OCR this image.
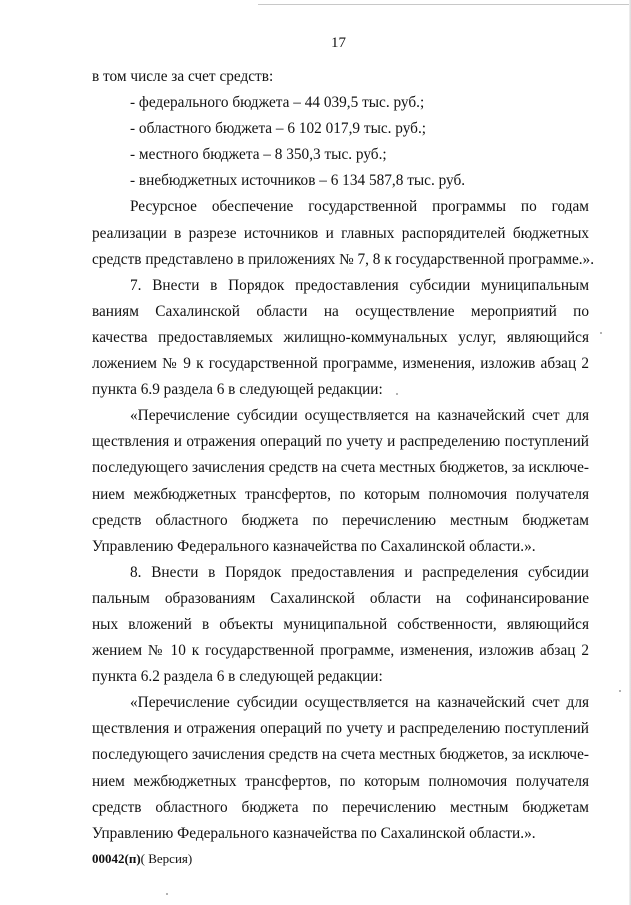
17
в том числе за счет средств:
- федерального бюджета – 44 039,5 тыс. руб.;
- областного бюджета – 6 102 017,9 тыс. руб.;
- местного бюджета – 8 350,3 тыс. руб.;
- внебюджетных источников – 6 134 587,8 тыс. руб.
Ресурсное обеспечение государственной программы по годам
реализации в разрезе источников и главных распорядителей бюджетных
средств представлено в приложениях № 7, 8 к государственной программе.».
7. Внести в Порядок предоставления субсидии муниципальным
ваниям Сахалинской области на осуществление мероприятий по
качества предоставляемых жилищно-коммунальных услуг, являющийся
ложением № 9 к государственной программе, изменения, изложив абзац 2
пункта 6.9 раздела 6 в следующей редакции:
«Перечисление субсидии осуществляется на казначейский счет для
ществления и отражения операций по учету и распределению поступлений
последующего зачисления средств на счета местных бюджетов, за исключе-
нием межбюджетных трансфертов, по которым полномочия получателя
средств областного бюджета по перечислению местным бюджетам
Управлению Федерального казначейства по Сахалинской области.».
8. Внести в Порядок предоставления и распределения субсидии
пальным образованиям Сахалинской области на софинансирование
ных вложений в объекты муниципальной собственности, являющийся
жением № 10 к государственной программе, изменения, изложив абзац 2
пункта 6.2 раздела 6 в следующей редакции:
«Перечисление субсидии осуществляется на казначейский счет для
ществления и отражения операций по учету и распределению поступлений
последующего зачисления средств на счета местных бюджетов, за исключе-
нием межбюджетных трансфертов, по которым полномочия получателя
средств областного бюджета по перечислению местным бюджетам
Управлению Федерального казначейства по Сахалинской области.».
00042(п)( Версия)
